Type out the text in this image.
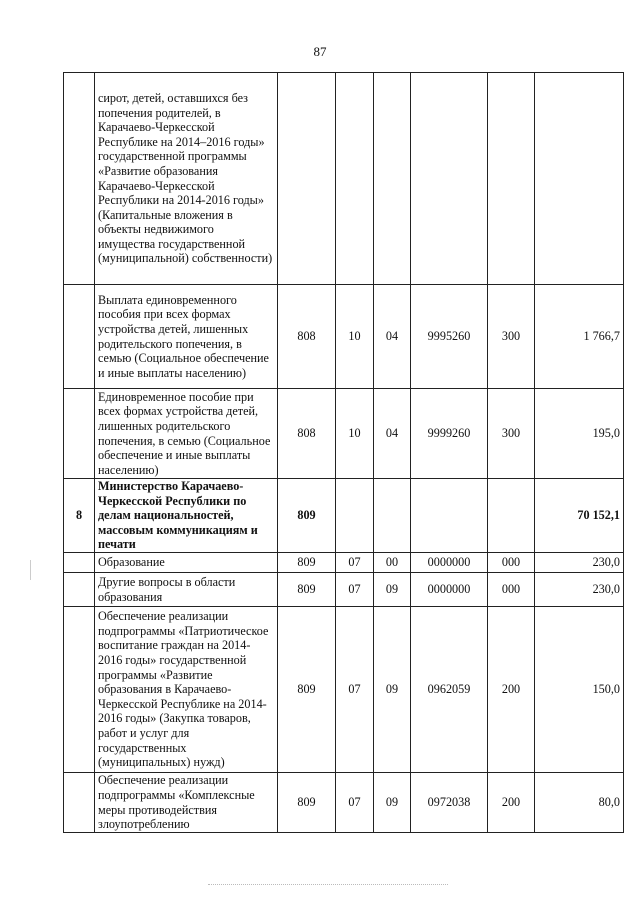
87
	сирот, детей, оставшихся без попечения родителей, в Карачаево-Черкесской Республике на 2014–2016 годы» государственной программы «Развитие образования Карачаево-Черкесской Республики на 2014-2016 годы» (Капитальные вложения в объекты недвижимого имущества государственной (муниципальной) собственности)						
	Выплата единовременного пособия при всех формах устройства детей, лишенных родительского попечения, в семью (Социальное обеспечение и иные выплаты населению)	808	10	04	9995260	300	1 766,7
	Единовременное пособие при всех формах устройства детей, лишенных родительского попечения, в семью (Социальное обеспечение и иные выплаты населению)	808	10	04	9999260	300	195,0
8	Министерство Карачаево-Черкесской Республики по делам национальностей, массовым коммуникациям и печати	809					70 152,1
	Образование	809	07	00	0000000	000	230,0
	Другие вопросы в области образования	809	07	09	0000000	000	230,0
	Обеспечение реализации подпрограммы «Патриотическое воспитание граждан на 2014-2016 годы» государственной программы «Развитие образования в Карачаево-Черкесской Республике на 2014-2016 годы» (Закупка товаров, работ и услуг для государственных (муниципальных) нужд)	809	07	09	0962059	200	150,0
	Обеспечение реализации подпрограммы «Комплексные меры противодействия злоупотреблению	809	07	09	0972038	200	80,0
